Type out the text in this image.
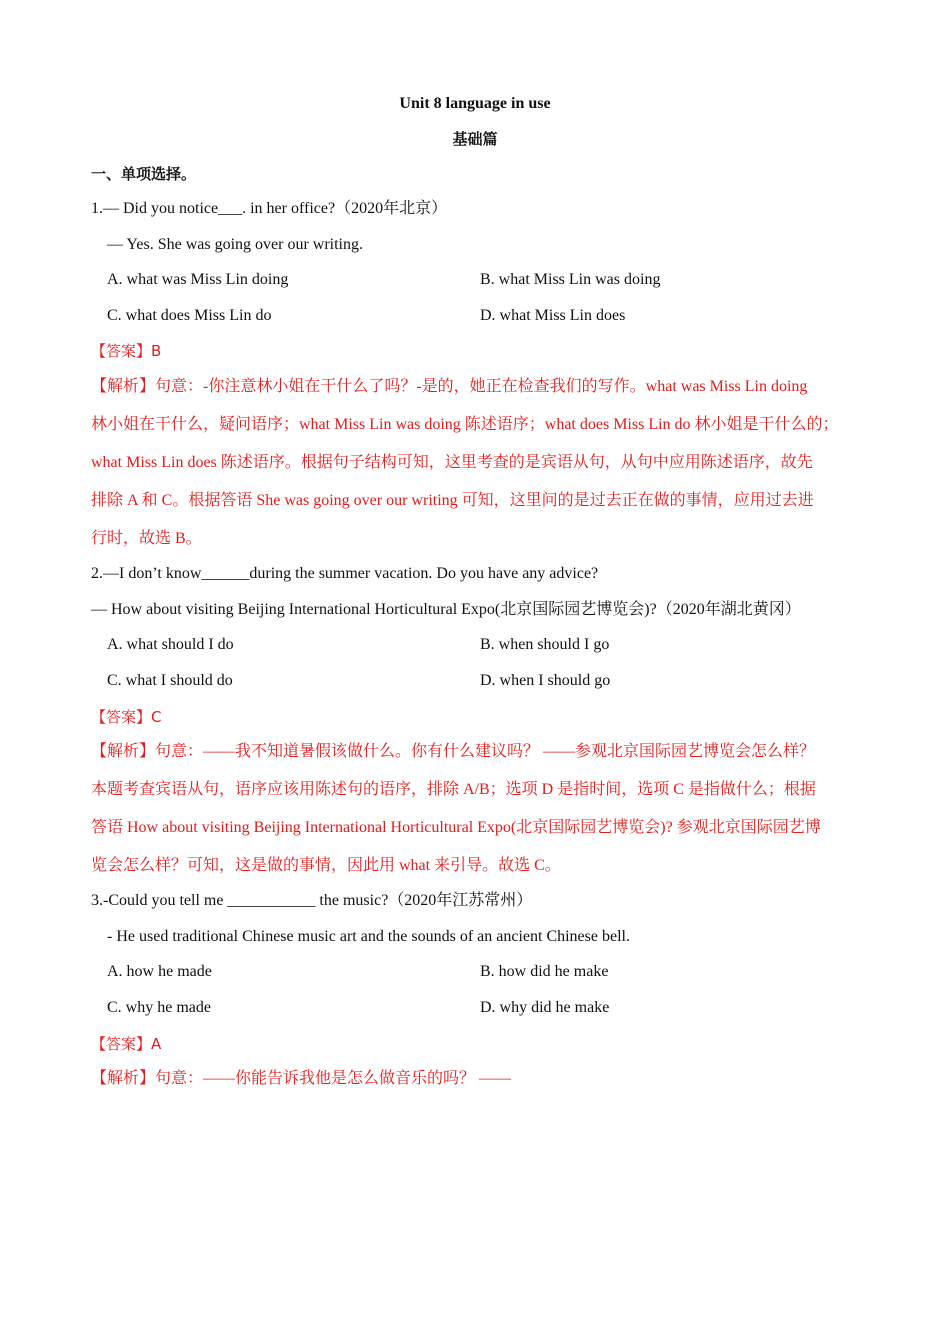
Unit 8 language in use
基础篇
一、单项选择。
1.— Did you notice___. in her office?（2020年北京）
— Yes. She was going over our writing.
A. what was Miss Lin doing	B. what Miss Lin was doing
C. what does Miss Lin do	D. what Miss Lin does
【答案】B
【解析】句意：-你注意林小姐在干什么了吗？-是的，她正在检查我们的写作。what was Miss Lin doing
林小姐在干什么，疑问语序；what Miss Lin was doing 陈述语序；what does Miss Lin do 林小姐是干什么的；
what Miss Lin does 陈述语序。根据句子结构可知，这里考查的是宾语从句，从句中应用陈述语序，故先
排除 A 和 C。根据答语 She was going over our writing 可知，这里问的是过去正在做的事情，应用过去进
行时，故选 B。
2.—I don’t know______during the summer vacation. Do you have any advice?
— How about visiting Beijing International Horticultural Expo(北京国际园艺博览会)?（2020年湖北黄冈）
A. what should I do	B. when should I go
C. what I should do	D. when I should go
【答案】C
【解析】句意：——我不知道暑假该做什么。你有什么建议吗？ ——参观北京国际园艺博览会怎么样？
本题考查宾语从句，语序应该用陈述句的语序，排除 A/B；选项 D 是指时间，选项 C 是指做什么；根据
答语 How about visiting Beijing International Horticultural Expo(北京国际园艺博览会)? 参观北京国际园艺博
览会怎么样？可知，这是做的事情，因此用 what 来引导。故选 C。
3.-Could you tell me ___________ the music?（2020年江苏常州）
- He used traditional Chinese music art and the sounds of an ancient Chinese bell.
A. how he made	B. how did he make
C. why he made	D. why did he make
【答案】A
【解析】句意：——你能告诉我他是怎么做音乐的吗？ ——
